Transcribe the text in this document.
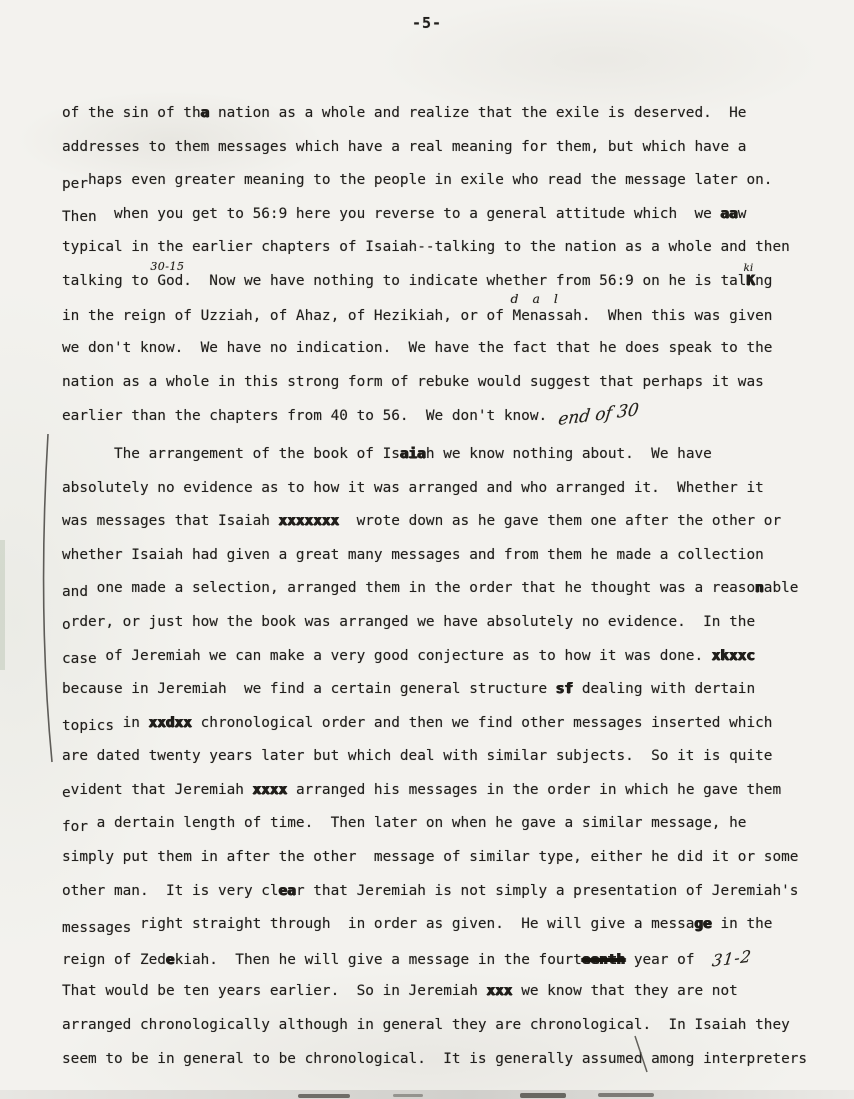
-5-
of the sin of tha nation as a whole and realize that the exile is deserved.  He
addresses to them messages which have a real meaning for them, but which have a
perhaps even greater meaning to the people in exile who read the message later on.
Then  when you get to 56:9 here you reverse to a general attitude which  we aaw
typical in the earlier chapters of Isaiah--talking to the nation as a whole and then
talking to 30-15God.  Now we have nothing to indicate whether from 56:9 on he is talkiKng
in the reign of Uzziah, of Ahaz, of Hezikiah, or of d a lMenassah.  When this was given
we don't know.  We have no indication.  We have the fact that he does speak to the
nation as a whole in this strong form of rebuke would suggest that perhaps it was
earlier than the chapters from 40 to 56.  We don't know. end of 30
The arrangement of the book of Isaiah we know nothing about.  We have
absolutely no evidence as to how it was arranged and who arranged it.  Whether it
was messages that Isaiah xxxxxxx  wrote down as he gave them one after the other or
whether Isaiah had given a great many messages and from them he made a collection
and one made a selection, arranged them in the order that he thought was a reasonable
order, or just how the book was arranged we have absolutely no evidence.  In the
case of Jeremiah we can make a very good conjecture as to how it was done. xkxxc
because in Jeremiah  we find a certain general structure sf dealing with dertain
topics in xxdxx chronological order and then we find other messages inserted which
are dated twenty years later but which deal with similar subjects.  So it is quite
evident that Jeremiah xxxx arranged his messages in the order in which he gave them
for a dertain length of time.  Then later on when he gave a similar message, he
simply put them in after the other  message of similar type, either he did it or some
other man.  It is very clear that Jeremiah is not simply a presentation of Jeremiah's
messages right straight through  in order as given.  He will give a message in the
reign of Zedekiah.  Then he will give a message in the fourteenth year of  31-2
That would be ten years earlier.  So in Jeremiah xxx we know that they are not
arranged chronologically although in general they are chronological.  In Isaiah they
seem to be in general to be chronological.  It is generally assumed among interpreters
